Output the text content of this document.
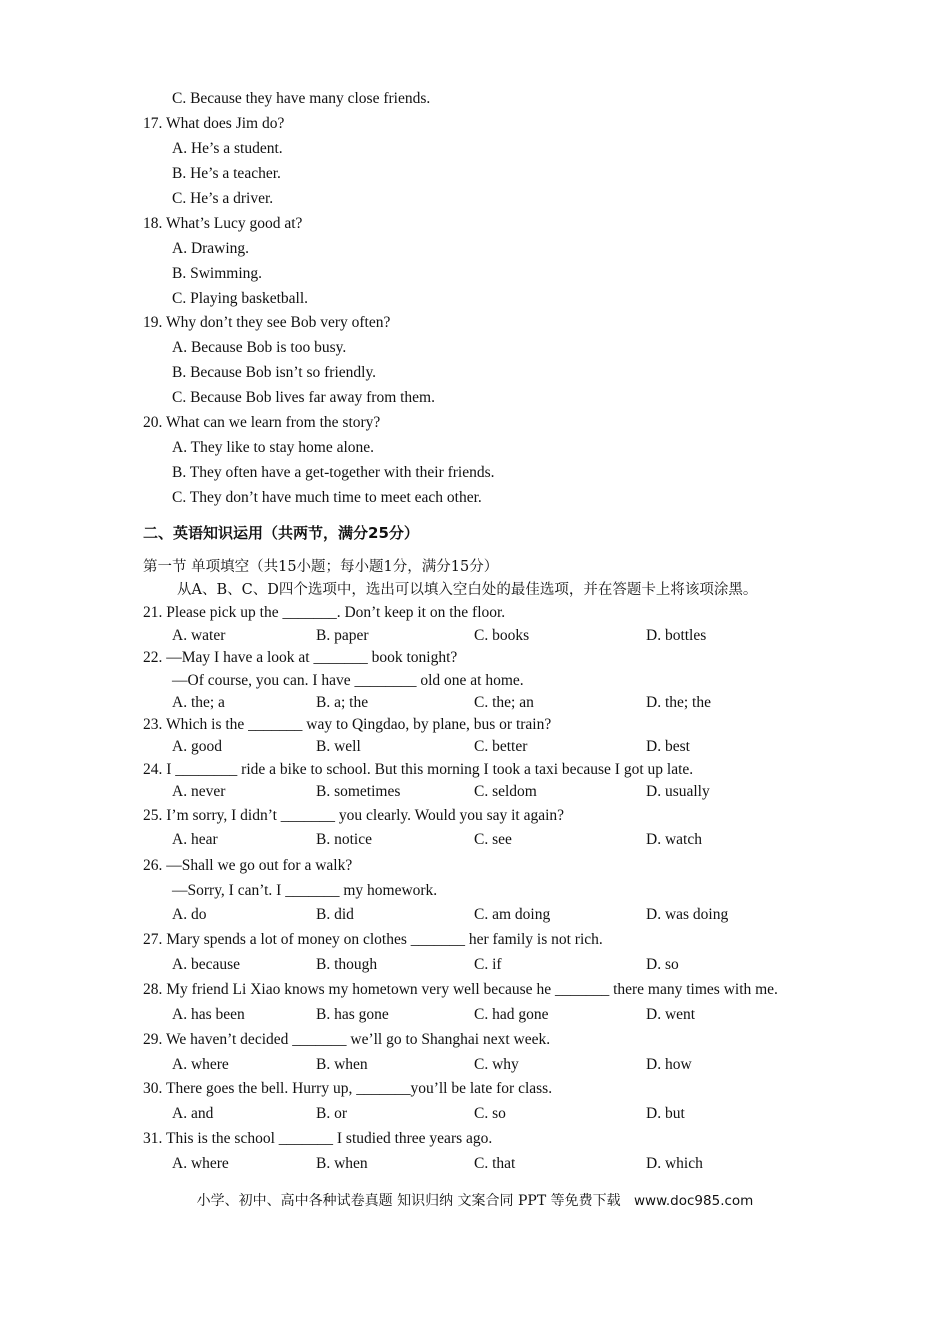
C. Because they have many close friends.
17. What does Jim do?
A. He’s a student.
B. He’s a teacher.
C. He’s a driver.
18. What’s Lucy good at?
A. Drawing.
B. Swimming.
C. Playing basketball.
19. Why don’t they see Bob very often?
A. Because Bob is too busy.
B. Because Bob isn’t so friendly.
C. Because Bob lives far away from them.
20. What can we learn from the story?
A. They like to stay home alone.
B. They often have a get-together with their friends.
C. They don’t have much time to meet each other.
二、英语知识运用（共两节，满分25分）
第一节 单项填空（共15小题；每小题1分，满分15分）
从A、B、C、D四个选项中，选出可以填入空白处的最佳选项，并在答题卡上将该项涂黑。
21. Please pick up the _______. Don’t keep it on the floor.
A. water	B. paper	C. books	D. bottles
22. —May I have a look at _______ book tonight?
—Of course, you can. I have ________ old one at home.
A. the; a	B. a; the	C. the; an	D. the; the
23. Which is the _______ way to Qingdao, by plane, bus or train?
A. good	B. well	C. better	D. best
24. I ________ ride a bike to school. But this morning I took a taxi because I got up late.
A. never	B. sometimes	C. seldom	D. usually
25. I’m sorry, I didn’t _______ you clearly. Would you say it again?
A. hear	B. notice	C. see	D. watch
26. —Shall we go out for a walk?
—Sorry, I can’t. I _______ my homework.
A. do	B. did	C. am doing	D. was doing
27. Mary spends a lot of money on clothes _______ her family is not rich.
A. because	B. though	C. if	D. so
28. My friend Li Xiao knows my hometown very well because he _______ there many times with me.
A. has been	B. has gone	C. had gone	D. went
29. We haven’t decided _______ we’ll go to Shanghai next week.
A. where	B. when	C. why	D. how
30. There goes the bell. Hurry up, _______you’ll be late for class.
A. and	B. or	C. so	D. but
31. This is the school _______ I studied three years ago.
A. where	B. when	C. that	D. which
小学、初中、高中各种试卷真题 知识归纳 文案合同 PPT 等免费下载 www.doc985.com
